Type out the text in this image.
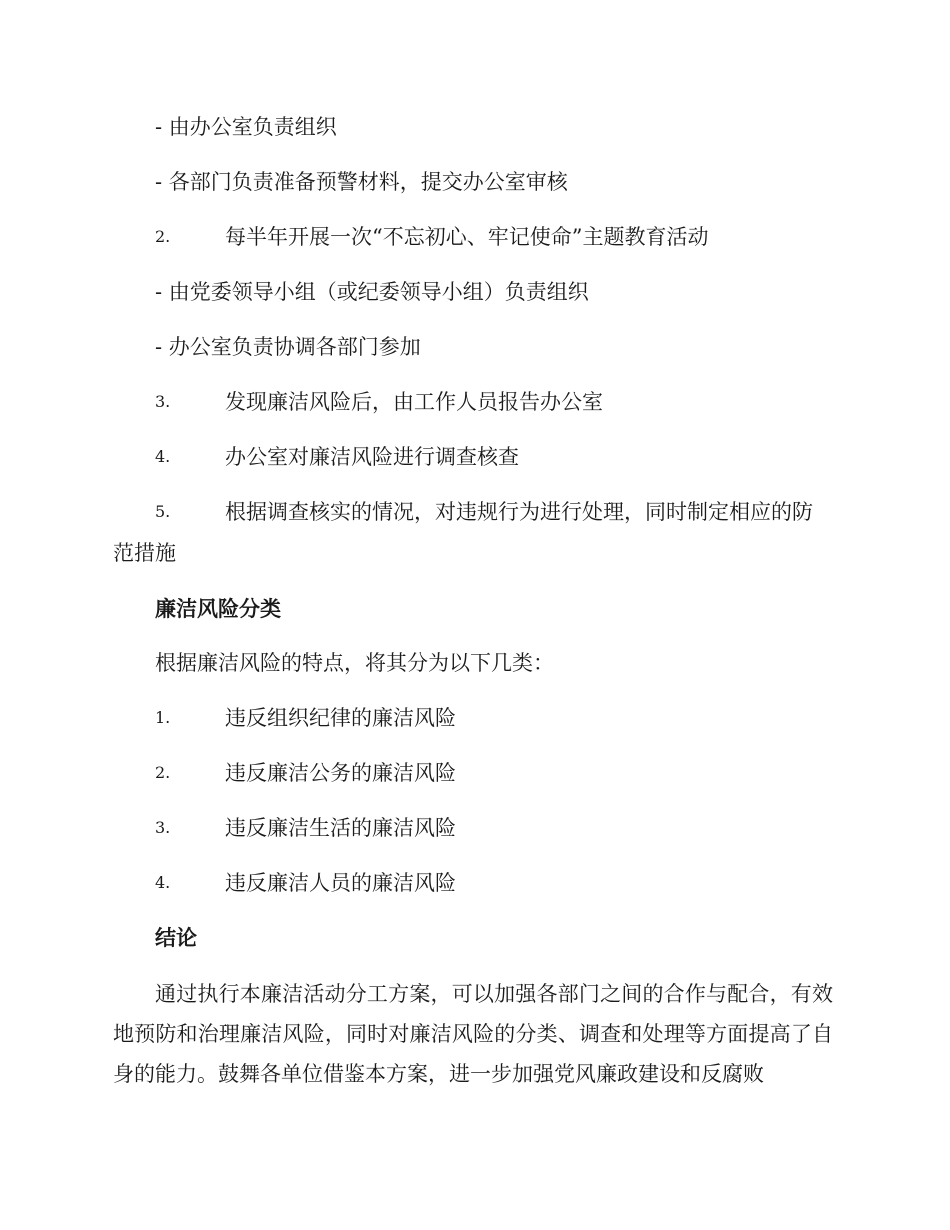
- 由办公室负责组织
- 各部门负责准备预警材料，提交办公室审核
2.	每半年开展一次“不忘初心、牢记使命”主题教育活动
- 由党委领导小组（或纪委领导小组）负责组织
- 办公室负责协调各部门参加
3.	发现廉洁风险后，由工作人员报告办公室
4.	办公室对廉洁风险进行调查核查
5.	根据调查核实的情况，对违规行为进行处理，同时制定相应的防
范措施
廉洁风险分类
根据廉洁风险的特点，将其分为以下几类：
1.	违反组织纪律的廉洁风险
2.	违反廉洁公务的廉洁风险
3.	违反廉洁生活的廉洁风险
4.	违反廉洁人员的廉洁风险
结论
通过执行本廉洁活动分工方案，可以加强各部门之间的合作与配合，有效地预防和治理廉洁风险，同时对廉洁风险的分类、调查和处理等方面提高了自身的能力。鼓舞各单位借鉴本方案，进一步加强党风廉政建设和反腐败
